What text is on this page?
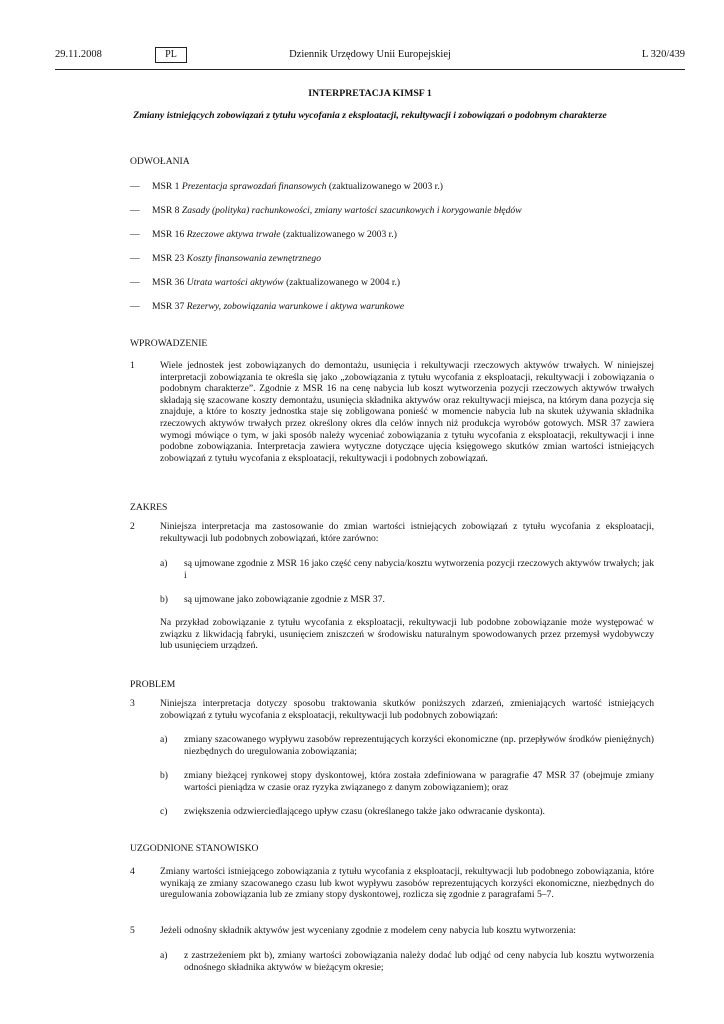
29.11.2008	PL	Dziennik Urzędowy Unii Europejskiej	L 320/439
INTERPRETACJA KIMSF 1
Zmiany istniejących zobowiązań z tytułu wycofania z eksploatacji, rekultywacji i zobowiązań o podobnym charakterze
ODWOŁANIA
— MSR 1 Prezentacja sprawozdań finansowych (zaktualizowanego w 2003 r.)
— MSR 8 Zasady (polityka) rachunkowości, zmiany wartości szacunkowych i korygowanie błędów
— MSR 16 Rzeczowe aktywa trwałe (zaktualizowanego w 2003 r.)
— MSR 23 Koszty finansowania zewnętrznego
— MSR 36 Utrata wartości aktywów (zaktualizowanego w 2004 r.)
— MSR 37 Rezerwy, zobowiązania warunkowe i aktywa warunkowe
WPROWADZENIE
1	Wiele jednostek jest zobowiązanych do demontażu, usunięcia i rekultywacji rzeczowych aktywów trwałych. W niniejszej interpretacji zobowiązania te określa się jako „zobowiązania z tytułu wycofania z eksploatacji, rekultywacji i zobowiązania o podobnym charakterze”. Zgodnie z MSR 16 na cenę nabycia lub koszt wytworzenia pozycji rzeczowych aktywów trwałych składają się szacowane koszty demontażu, usunięcia składnika aktywów oraz rekultywacji miejsca, na którym dana pozycja się znajduje, a które to koszty jednostka staje się zobligowana ponieść w momencie nabycia lub na skutek używania składnika rzeczowych aktywów trwałych przez określony okres dla celów innych niż produkcja wyrobów gotowych. MSR 37 zawiera wymogi mówiące o tym, w jaki sposób należy wyceniać zobowiązania z tytułu wycofania z eksploatacji, rekultywacji i inne podobne zobowiązania. Interpretacja zawiera wytyczne dotyczące ujęcia księgowego skutków zmian wartości istniejących zobowiązań z tytułu wycofania z eksploatacji, rekultywacji i podobnych zobowiązań.
ZAKRES
2	Niniejsza interpretacja ma zastosowanie do zmian wartości istniejących zobowiązań z tytułu wycofania z eksploatacji, rekultywacji lub podobnych zobowiązań, które zarówno:
a) są ujmowane zgodnie z MSR 16 jako część ceny nabycia/kosztu wytworzenia pozycji rzeczowych aktywów trwałych; jak i
b) są ujmowane jako zobowiązanie zgodnie z MSR 37.
Na przykład zobowiązanie z tytułu wycofania z eksploatacji, rekultywacji lub podobne zobowiązanie może występować w związku z likwidacją fabryki, usunięciem zniszczeń w środowisku naturalnym spowodowanych przez przemysł wydobywczy lub usunięciem urządzeń.
PROBLEM
3	Niniejsza interpretacja dotyczy sposobu traktowania skutków poniższych zdarzeń, zmieniających wartość istniejących zobowiązań z tytułu wycofania z eksploatacji, rekultywacji lub podobnych zobowiązań:
a) zmiany szacowanego wypływu zasobów reprezentujących korzyści ekonomiczne (np. przepływów środków pieniężnych) niezbędnych do uregulowania zobowiązania;
b) zmiany bieżącej rynkowej stopy dyskontowej, która została zdefiniowana w paragrafie 47 MSR 37 (obejmuje zmiany wartości pieniądza w czasie oraz ryzyka związanego z danym zobowiązaniem); oraz
c) zwiększenia odzwierciedlającego upływ czasu (określanego także jako odwracanie dyskonta).
UZGODNIONE STANOWISKO
4	Zmiany wartości istniejącego zobowiązania z tytułu wycofania z eksploatacji, rekultywacji lub podobnego zobowiązania, które wynikają ze zmiany szacowanego czasu lub kwot wypływu zasobów reprezentujących korzyści ekonomiczne, niezbędnych do uregulowania zobowiązania lub ze zmiany stopy dyskontowej, rozlicza się zgodnie z paragrafami 5–7.
5	Jeżeli odnośny składnik aktywów jest wyceniany zgodnie z modelem ceny nabycia lub kosztu wytworzenia:
a) z zastrzeżeniem pkt b), zmiany wartości zobowiązania należy dodać lub odjąć od ceny nabycia lub kosztu wytworzenia odnośnego składnika aktywów w bieżącym okresie;
